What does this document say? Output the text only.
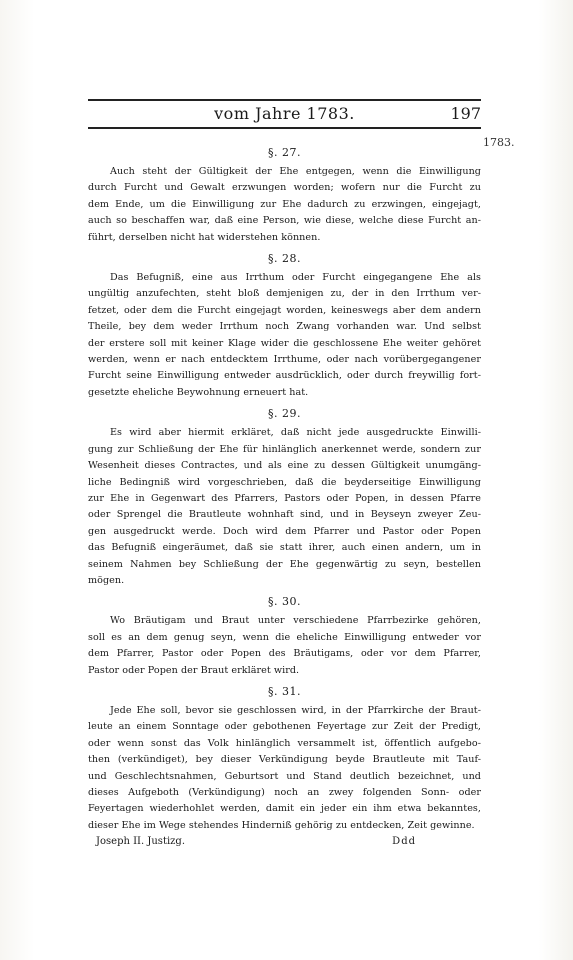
vom Jahre 1783.	197
1783.
§. 27.
Auch steht der Gültigkeit der Ehe entgegen, wenn die Einwilligung
durch Furcht und Gewalt erzwungen worden; wofern nur die Furcht zu
dem Ende, um die Einwilligung zur Ehe dadurch zu erzwingen, eingejagt,
auch so beschaffen war, daß eine Person, wie diese, welche diese Furcht an-
führt, derselben nicht hat widerstehen können.
§. 28.
Das Befugniß, eine aus Irrthum oder Furcht eingegangene Ehe als
ungültig anzufechten, steht bloß demjenigen zu, der in den Irrthum ver-
fetzet, oder dem die Furcht eingejagt worden, keineswegs aber dem andern
Theile, bey dem weder Irrthum noch Zwang vorhanden war. Und selbst
der erstere soll mit keiner Klage wider die geschlossene Ehe weiter gehöret
werden, wenn er nach entdecktem Irrthume, oder nach vorübergegangener
Furcht seine Einwilligung entweder ausdrücklich, oder durch freywillig fort-
gesetzte eheliche Beywohnung erneuert hat.
§. 29.
Es wird aber hiermit erkläret, daß nicht jede ausgedruckte Einwilli-
gung zur Schließung der Ehe für hinlänglich anerkennet werde, sondern zur
Wesenheit dieses Contractes, und als eine zu dessen Gültigkeit unumgäng-
liche Bedingniß wird vorgeschrieben, daß die beyderseitige Einwilligung
zur Ehe in Gegenwart des Pfarrers, Pastors oder Popen, in dessen Pfarre
oder Sprengel die Brautleute wohnhaft sind, und in Beyseyn zweyer Zeu-
gen ausgedruckt werde. Doch wird dem Pfarrer und Pastor oder Popen
das Befugniß eingeräumet, daß sie statt ihrer, auch einen andern, um in
seinem Nahmen bey Schließung der Ehe gegenwärtig zu seyn, bestellen
mögen.
§. 30.
Wo Bräutigam und Braut unter verschiedene Pfarrbezirke gehören,
soll es an dem genug seyn, wenn die eheliche Einwilligung entweder vor
dem Pfarrer, Pastor oder Popen des Bräutigams, oder vor dem Pfarrer,
Pastor oder Popen der Braut erkläret wird.
§. 31.
Jede Ehe soll, bevor sie geschlossen wird, in der Pfarrkirche der Braut-
leute an einem Sonntage oder gebothenen Feyertage zur Zeit der Predigt,
oder wenn sonst das Volk hinlänglich versammelt ist, öffentlich aufgebo-
then (verkündiget), bey dieser Verkündigung beyde Brautleute mit Tauf-
und Geschlechtsnahmen, Geburtsort und Stand deutlich bezeichnet, und
dieses Aufgeboth (Verkündigung) noch an zwey folgenden Sonn- oder
Feyertagen wiederhohlet werden, damit ein jeder ein ihm etwa bekanntes,
dieser Ehe im Wege stehendes Hinderniß gehörig zu entdecken, Zeit gewinne.
Joseph II. Justizg.	Ddd
